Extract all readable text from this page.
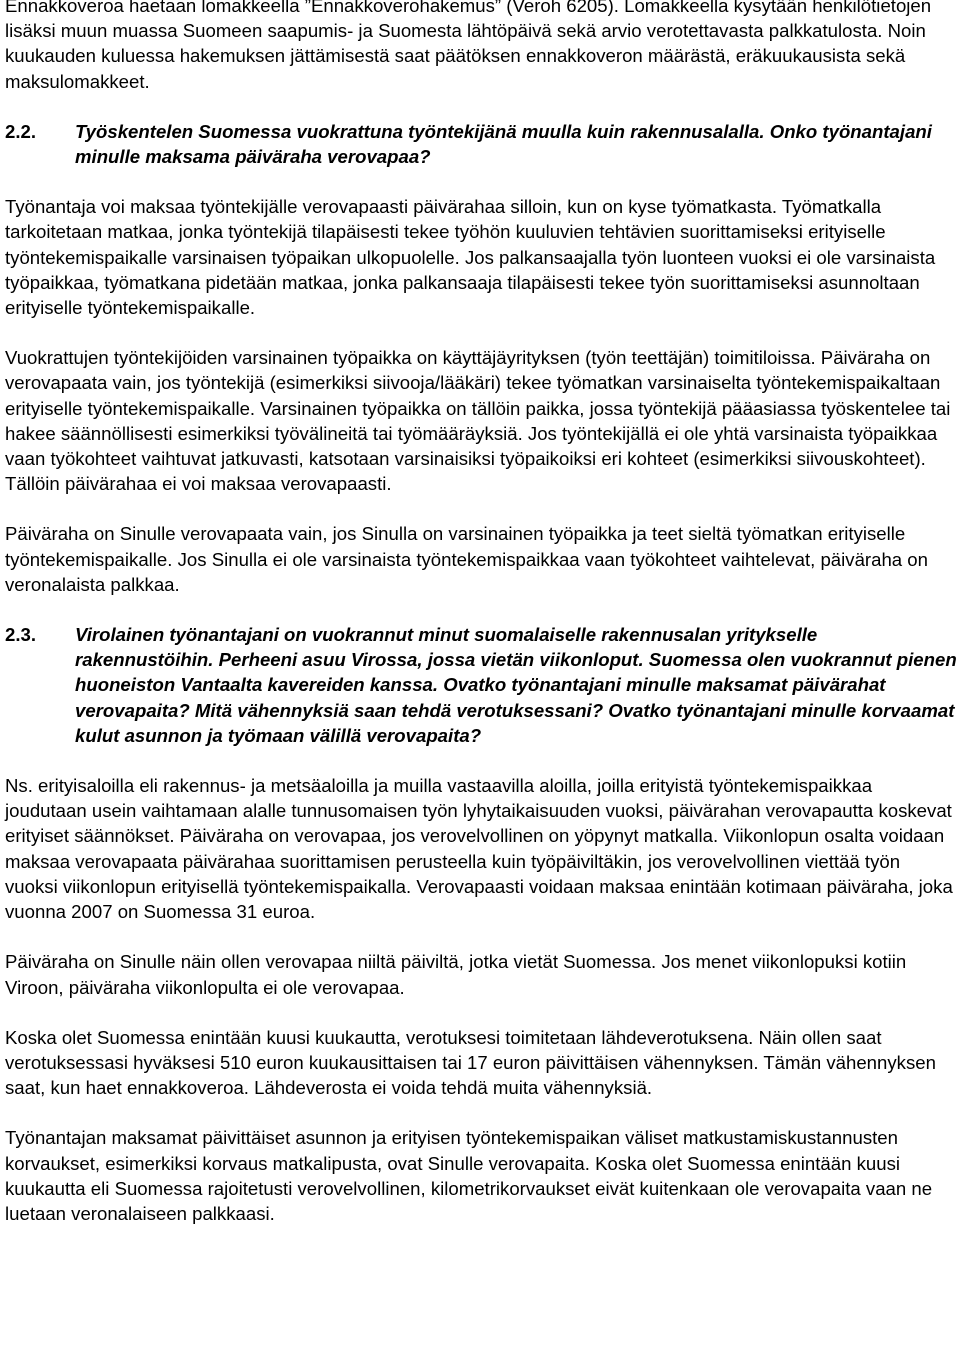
Ennakkoveroa haetaan lomakkeella ”Ennakkoverohakemus” (Veroh 6205). Lomakkeella kysytään henkilötietojen lisäksi muun muassa Suomeen saapumis- ja Suomesta lähtöpäivä sekä arvio verotettavasta palkkatulosta. Noin kuukauden kuluessa hakemuksen jättämisestä saat päätöksen ennakkoveron määrästä, eräkuukausista sekä maksulomakkeet.

2.2.	Työskentelen Suomessa vuokrattuna työntekijänä muulla kuin rakennusalalla. Onko työnantajani minulle maksama päiväraha verovapaa?

Työnantaja voi maksaa työntekijälle verovapaasti päivärahaa silloin, kun on kyse työmatkasta. Työmatkalla tarkoitetaan matkaa, jonka työntekijä tilapäisesti tekee työhön kuuluvien tehtävien suorittamiseksi erityiselle työntekemispaikalle varsinaisen työpaikan ulkopuolelle. Jos palkansaajalla työn luonteen vuoksi ei ole varsinaista työpaikkaa, työmatkana pidetään matkaa, jonka palkansaaja tilapäisesti tekee työn suorittamiseksi asunnoltaan erityiselle työntekemispaikalle.

Vuokrattujen työntekijöiden varsinainen työpaikka on käyttäjäyrityksen (työn teettäjän) toimitiloissa. Päiväraha on verovapaata vain, jos työntekijä (esimerkiksi siivooja/lääkäri) tekee työmatkan varsinaiselta työntekemispaikaltaan erityiselle työntekemispaikalle. Varsinainen työpaikka on tällöin paikka, jossa työntekijä pääasiassa työskentelee tai hakee säännöllisesti esimerkiksi työvälineitä tai työmääräyksiä. Jos työntekijällä ei ole yhtä varsinaista työpaikkaa vaan työkohteet vaihtuvat jatkuvasti, katsotaan varsinaisiksi työpaikoiksi eri kohteet (esimerkiksi siivouskohteet). Tällöin päivärahaa ei voi maksaa verovapaasti.

Päiväraha on Sinulle verovapaata vain, jos Sinulla on varsinainen työpaikka ja teet sieltä työmatkan erityiselle työntekemispaikalle. Jos Sinulla ei ole varsinaista työntekemispaikkaa vaan työkohteet vaihtelevat, päiväraha on veronalaista palkkaa.

2.3.	Virolainen työnantajani on vuokrannut minut suomalaiselle rakennusalan yritykselle rakennustöihin. Perheeni asuu Virossa, jossa vietän viikonloput. Suomessa olen vuokrannut pienen huoneiston Vantaalta kavereiden kanssa. Ovatko työnantajani minulle maksamat päivärahat verovapaita? Mitä vähennyksiä saan tehdä verotuksessani? Ovatko työnantajani minulle korvaamat kulut asunnon ja työmaan välillä verovapaita?

Ns. erityisaloilla eli rakennus- ja metsäaloilla ja muilla vastaavilla aloilla, joilla erityistä työntekemispaikkaa joudutaan usein vaihtamaan alalle tunnusomaisen työn lyhytaikaisuuden vuoksi, päivärahan verovapautta koskevat erityiset säännökset. Päiväraha on verovapaa, jos verovelvollinen on yöpynyt matkalla. Viikonlopun osalta voidaan maksaa verovapaata päivärahaa suorittamisen perusteella kuin työpäiviltäkin, jos verovelvollinen viettää työn vuoksi viikonlopun erityisellä työntekemispaikalla. Verovapaasti voidaan maksaa enintään kotimaan päiväraha, joka vuonna 2007 on Suomessa 31 euroa.

Päiväraha on Sinulle näin ollen verovapaa niiltä päiviltä, jotka vietät Suomessa. Jos menet viikonlopuksi kotiin Viroon, päiväraha viikonlopulta ei ole verovapaa.

Koska olet Suomessa enintään kuusi kuukautta, verotuksesi toimitetaan lähdeverotuksena. Näin ollen saat verotuksessasi hyväksesi 510 euron kuukausittaisen tai 17 euron päivittäisen vähennyksen. Tämän vähennyksen saat, kun haet ennakkoveroa. Lähdeverosta ei voida tehdä muita vähennyksiä.

Työnantajan maksamat päivittäiset asunnon ja erityisen työntekemispaikan väliset matkustamiskustannusten korvaukset, esimerkiksi korvaus matkalipusta, ovat Sinulle verovapaita. Koska olet Suomessa enintään kuusi kuukautta eli Suomessa rajoitetusti verovelvollinen, kilometrikorvaukset eivät kuitenkaan ole verovapaita vaan ne luetaan veronalaiseen palkkaasi.
